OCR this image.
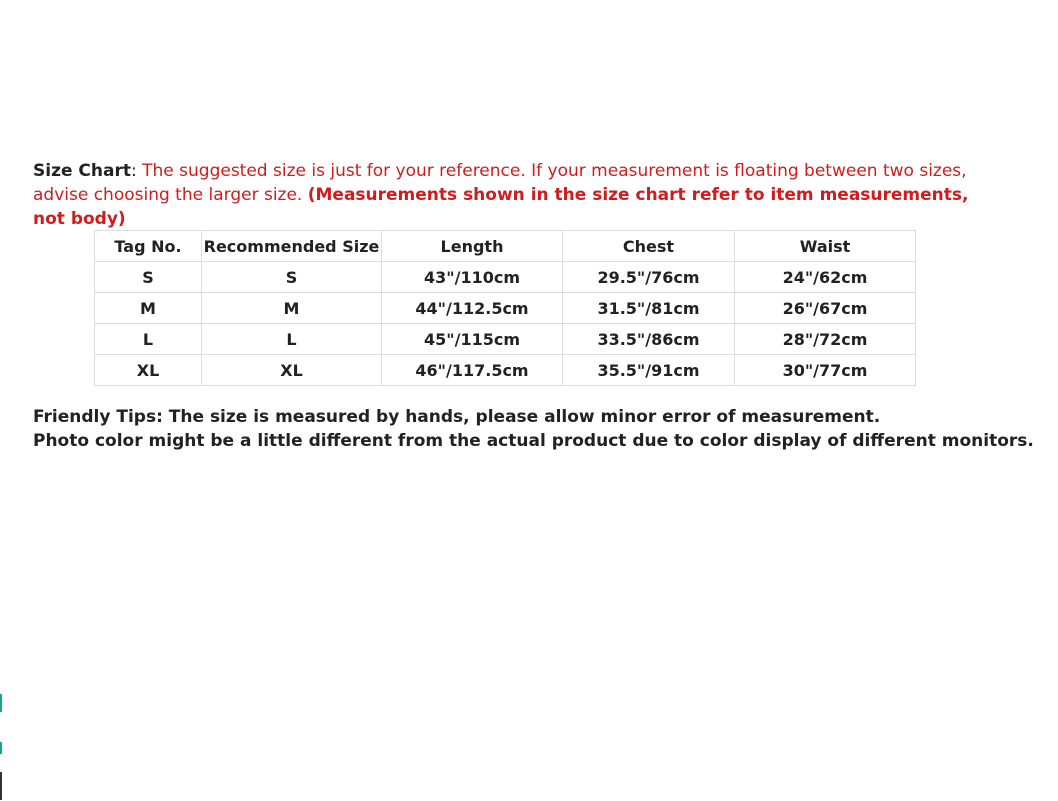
Size Chart: The suggested size is just for your reference. If your measurement is floating between two sizes, advise choosing the larger size. (Measurements shown in the size chart refer to item measurements, not body)

Tag No.	Recommended Size	Length	Chest	Waist
S	S	43"/110cm	29.5"/76cm	24"/62cm
M	M	44"/112.5cm	31.5"/81cm	26"/67cm
L	L	45"/115cm	33.5"/86cm	28"/72cm
XL	XL	46"/117.5cm	35.5"/91cm	30"/77cm
Friendly Tips: The size is measured by hands, please allow minor error of measurement.
Photo color might be a little different from the actual product due to color display of different monitors.
